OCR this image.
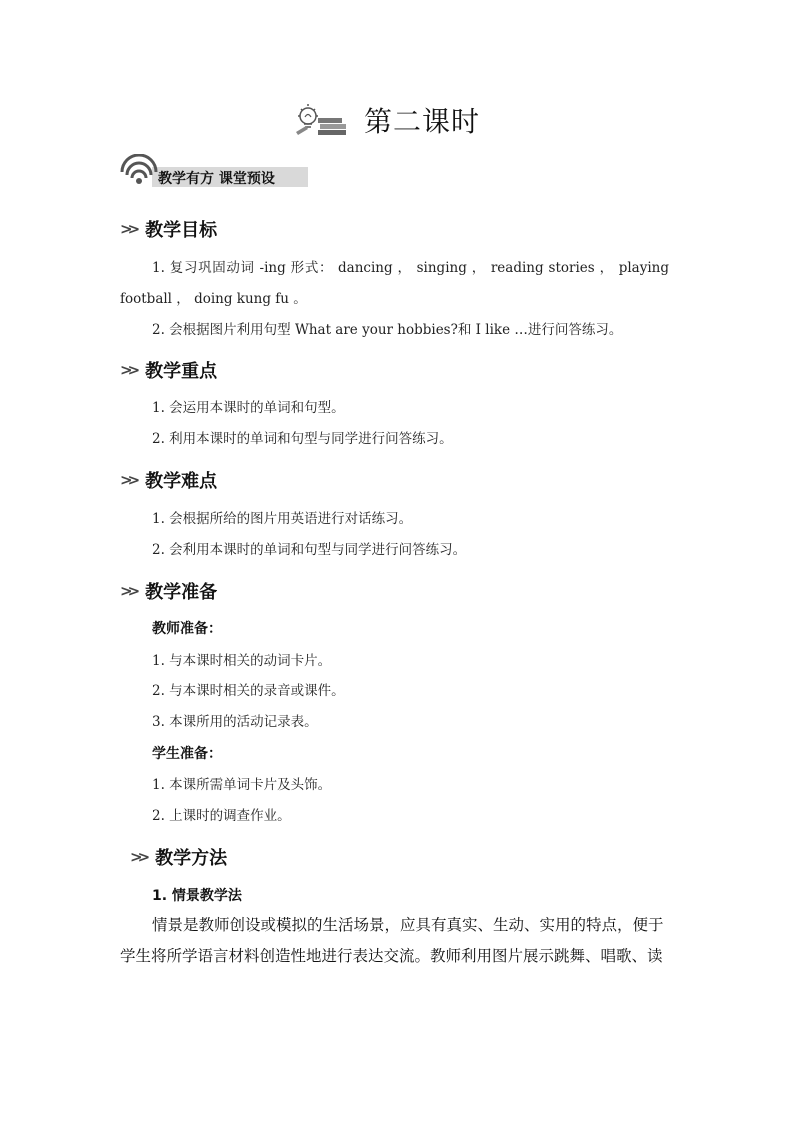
第二课时
教学有方 课堂预设
>> 教学目标
1. 复习巩固动词 -ing 形式： dancing ， singing ， reading stories ， playing
football ， doing kung fu 。
2. 会根据图片利用句型 What are your hobbies?和 I like …进行问答练习。
>> 教学重点
1. 会运用本课时的单词和句型。
2. 利用本课时的单词和句型与同学进行问答练习。
>> 教学难点
1. 会根据所给的图片用英语进行对话练习。
2. 会利用本课时的单词和句型与同学进行问答练习。
>> 教学准备
教师准备：
1. 与本课时相关的动词卡片。
2. 与本课时相关的录音或课件。
3. 本课所用的活动记录表。
学生准备：
1. 本课所需单词卡片及头饰。
2. 上课时的调查作业。
>> 教学方法
1. 情景教学法
情景是教师创设或模拟的生活场景，应具有真实、生动、实用的特点，便于
学生将所学语言材料创造性地进行表达交流。教师利用图片展示跳舞、唱歌、读
